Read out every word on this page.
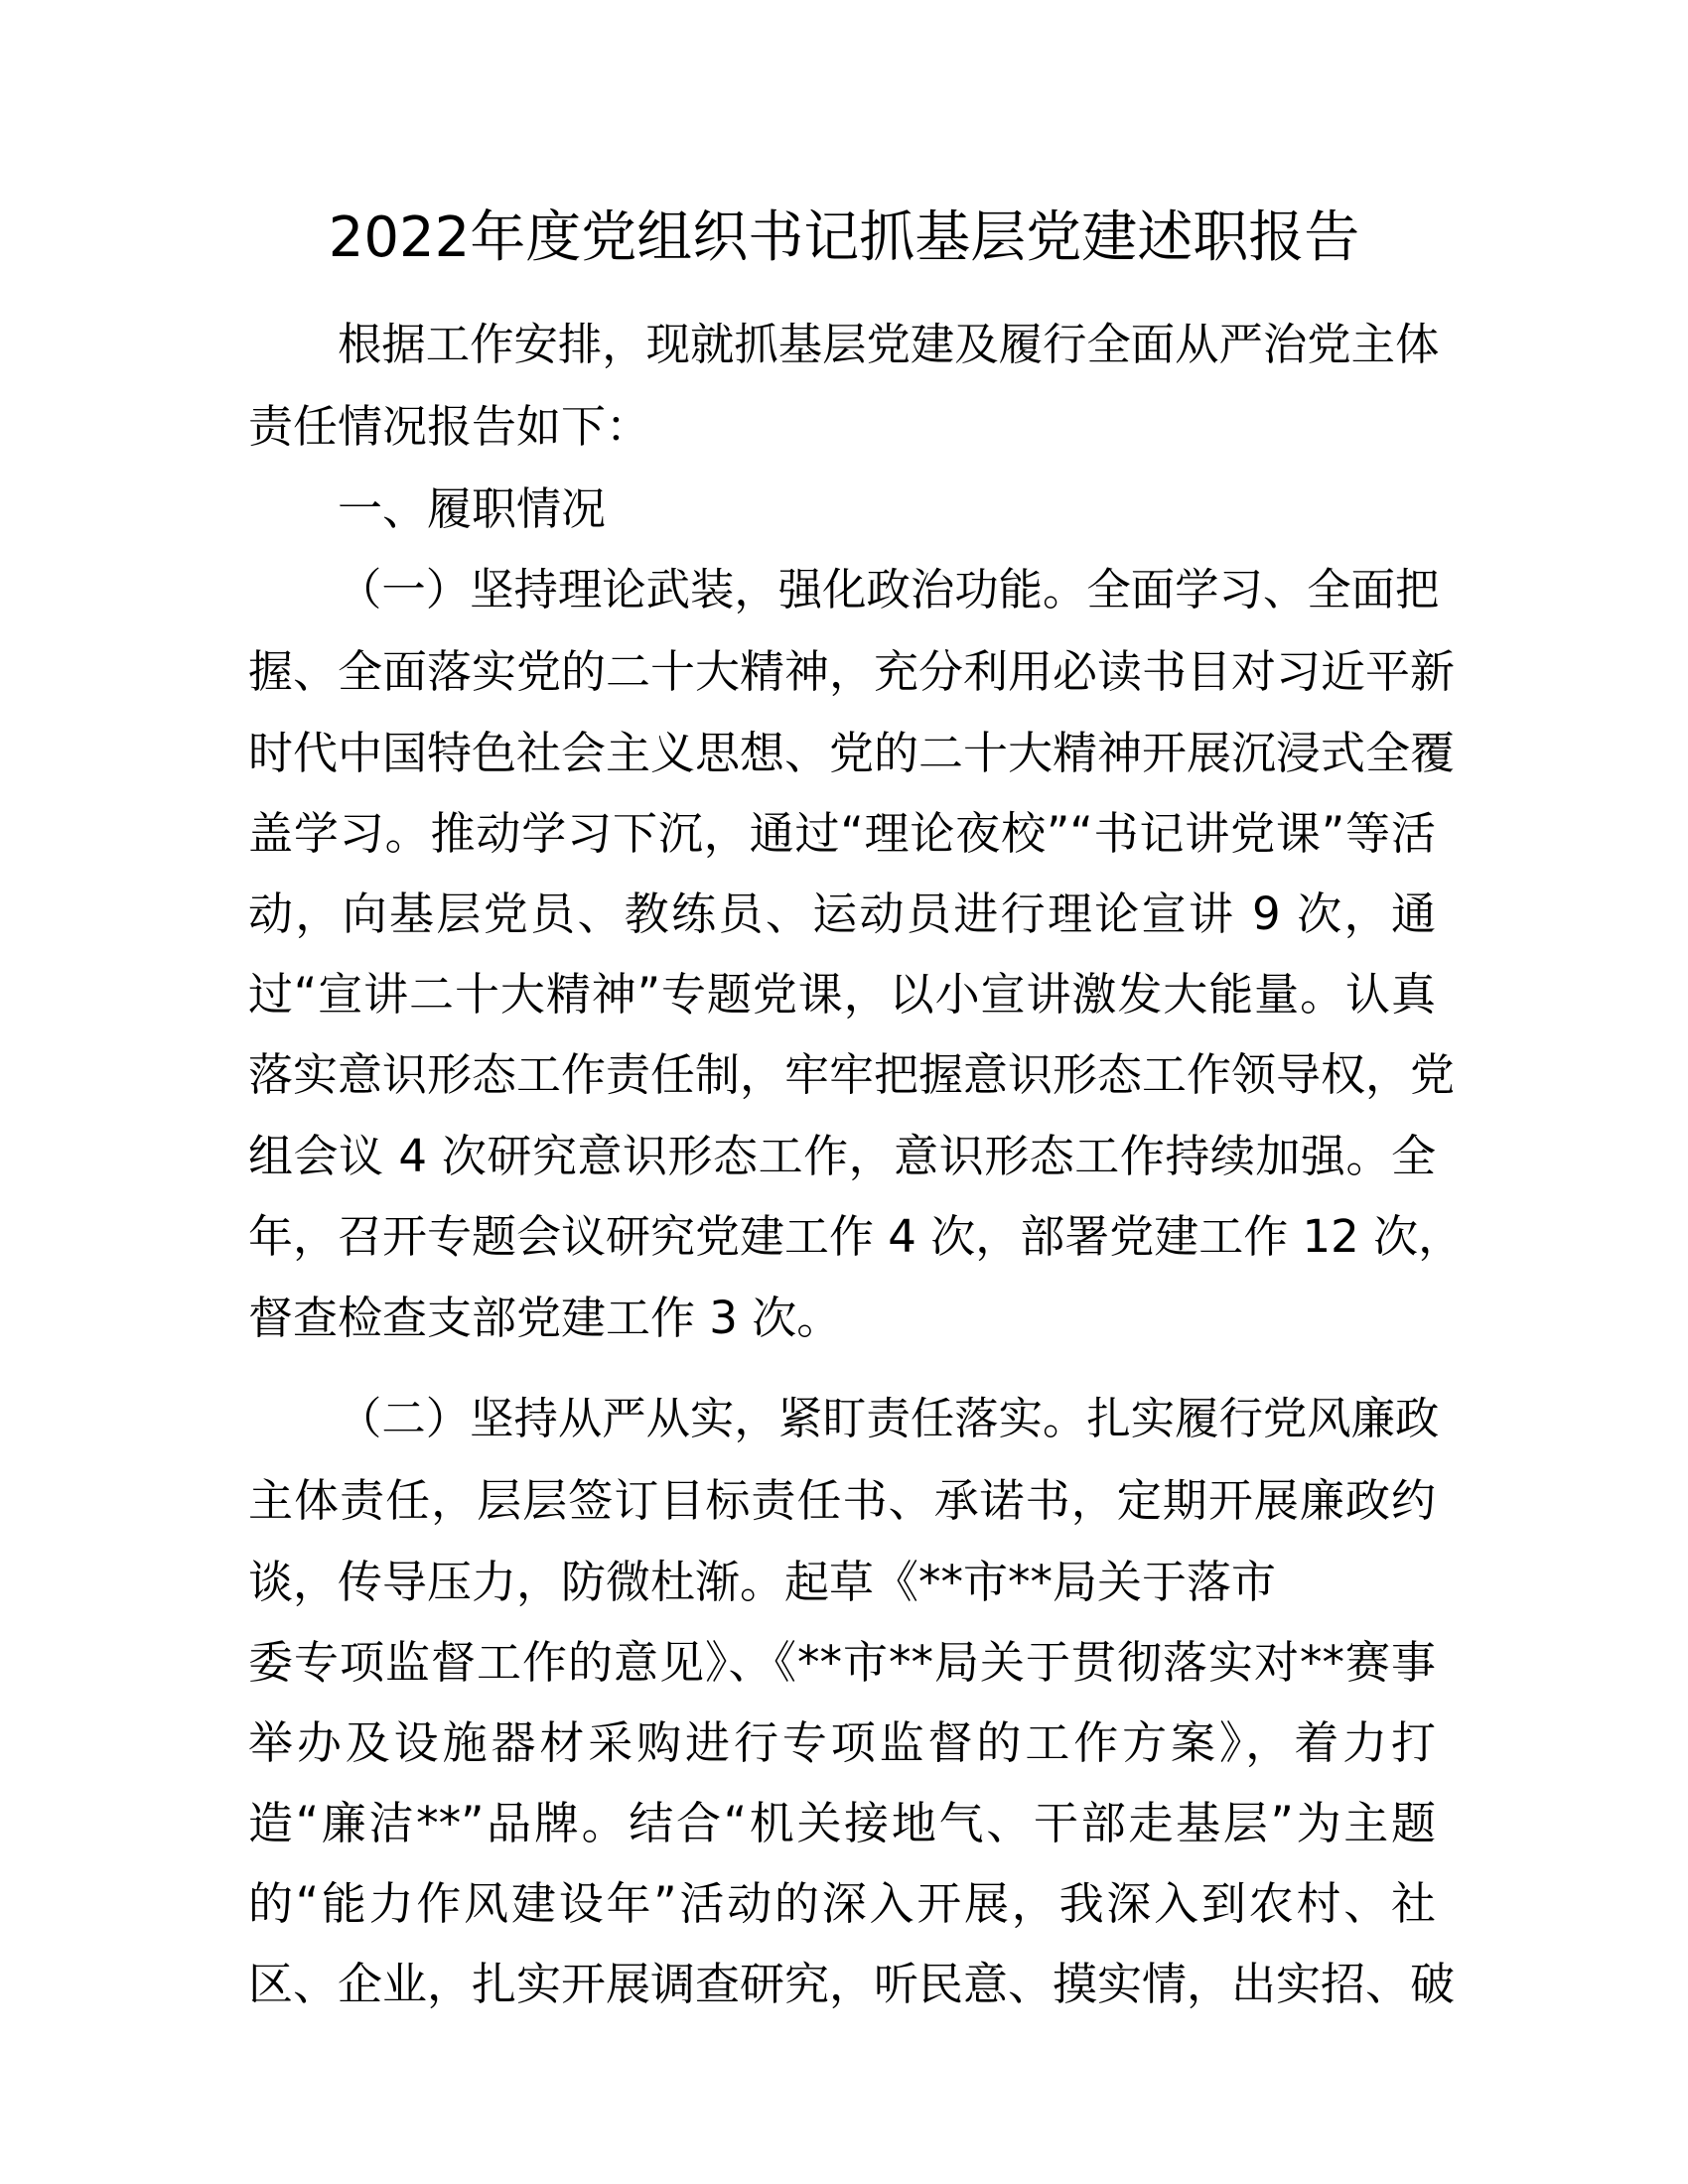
2022年度党组织书记抓基层党建述职报告

根据工作安排，现就抓基层党建及履行全面从严治党主体

责任情况报告如下：

一、履职情况

（一）坚持理论武装，强化政治功能。全面学习、全面把

握、全面落实党的二十大精神，充分利用必读书目对习近平新

时代中国特色社会主义思想、党的二十大精神开展沉浸式全覆

盖学习。推动学习下沉，通过“理论夜校”“书记讲党课”等活

动，向基层党员、教练员、运动员进行理论宣讲 9 次，通

过“宣讲二十大精神”专题党课，以小宣讲激发大能量。认真

落实意识形态工作责任制，牢牢把握意识形态工作领导权，党

组会议 4 次研究意识形态工作，意识形态工作持续加强。全

年，召开专题会议研究党建工作 4 次，部署党建工作 12 次，

督查检查支部党建工作 3 次。

（二）坚持从严从实，紧盯责任落实。扎实履行党风廉政

主体责任，层层签订目标责任书、承诺书，定期开展廉政约

谈，传导压力，防微杜渐。起草《**市**局关于落市

委专项监督工作的意见》、《**市**局关于贯彻落实对**赛事

举办及设施器材采购进行专项监督的工作方案》，着力打

造“廉洁**”品牌。结合“机关接地气、干部走基层”为主题

的“能力作风建设年”活动的深入开展，我深入到农村、社

区、企业，扎实开展调查研究，听民意、摸实情，出实招、破
